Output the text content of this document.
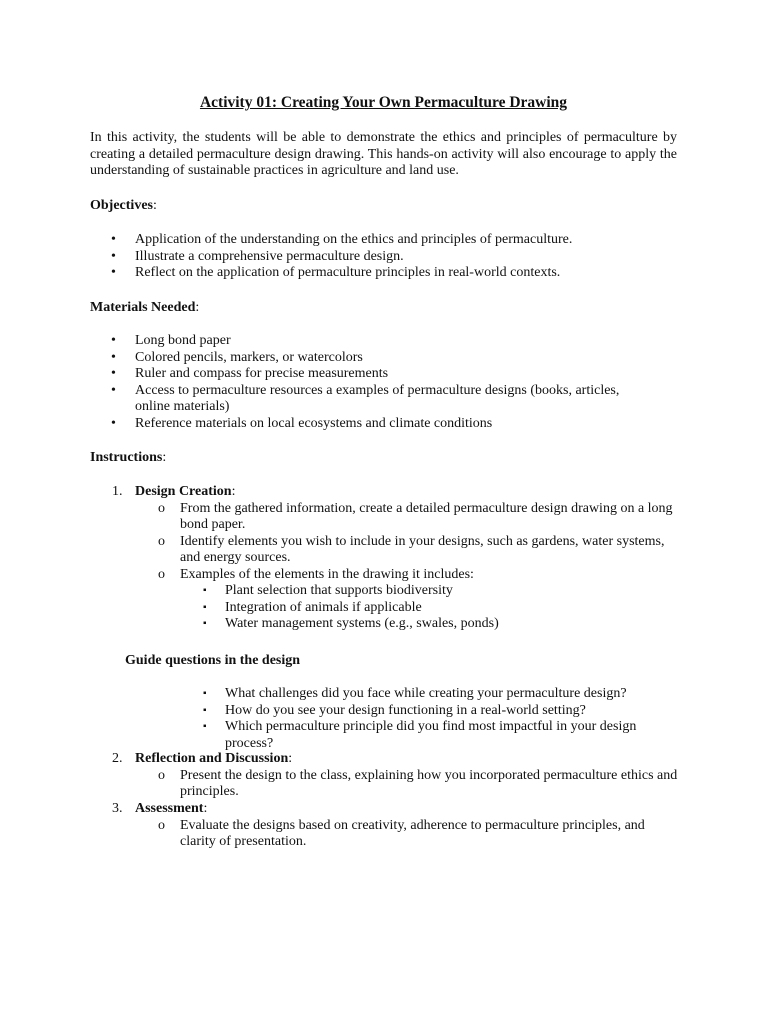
Activity 01: Creating Your Own Permaculture Drawing

In this activity, the students will be able to demonstrate the ethics and principles of permaculture by creating a detailed permaculture design drawing. This hands-on activity will also encourage to apply the understanding of sustainable practices in agriculture and land use.

Objectives:

• Application of the understanding on the ethics and principles of permaculture.
• Illustrate a comprehensive permaculture design.
• Reflect on the application of permaculture principles in real-world contexts.

Materials Needed:

• Long bond paper
• Colored pencils, markers, or watercolors
• Ruler and compass for precise measurements
• Access to permaculture resources a examples of permaculture designs (books, articles, online materials)
• Reference materials on local ecosystems and climate conditions

Instructions:

1. Design Creation:
o From the gathered information, create a detailed permaculture design drawing on a long bond paper.
o Identify elements you wish to include in your designs, such as gardens, water systems, and energy sources.
o Examples of the elements in the drawing it includes:
▪ Plant selection that supports biodiversity
▪ Integration of animals if applicable
▪ Water management systems (e.g., swales, ponds)

Guide questions in the design

▪ What challenges did you face while creating your permaculture design?
▪ How do you see your design functioning in a real-world setting?
▪ Which permaculture principle did you find most impactful in your design process?
2. Reflection and Discussion:
o Present the design to the class, explaining how you incorporated permaculture ethics and principles.
3. Assessment:
o Evaluate the designs based on creativity, adherence to permaculture principles, and clarity of presentation.
